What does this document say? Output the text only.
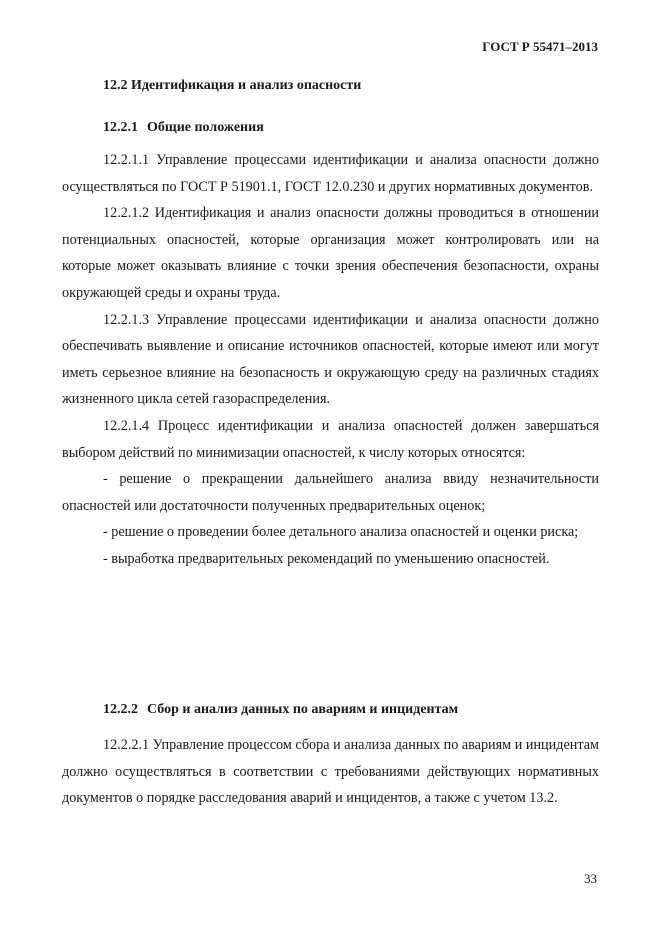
ГОСТ Р 55471–2013
12.2 Идентификация и анализ опасности
12.2.1 Общие положения

12.2.1.1 Управление процессами идентификации и анализа опасности должно осуществляться по ГОСТ Р 51901.1, ГОСТ 12.0.230 и других нормативных документов.

12.2.1.2 Идентификация и анализ опасности должны проводиться в отношении потенциальных опасностей, которые организация может контролировать или на которые может оказывать влияние с точки зрения обеспечения безопасности, охраны окружающей среды и охраны труда.

12.2.1.3 Управление процессами идентификации и анализа опасности должно обеспечивать выявление и описание источников опасностей, которые имеют или могут иметь серьезное влияние на безопасность и окружающую среду на различных стадиях жизненного цикла сетей газораспределения.

12.2.1.4 Процесс идентификации и анализа опасностей должен завершаться выбором действий по минимизации опасностей, к числу которых относятся:

- решение о прекращении дальнейшего анализа ввиду незначительности опасностей или достаточности полученных предварительных оценок;

- решение о проведении более детального анализа опасностей и оценки риска;

- выработка предварительных рекомендаций по уменьшению опасностей.

12.2.2 Сбор и анализ данных по авариям и инцидентам

12.2.2.1 Управление процессом сбора и анализа данных по авариям и инцидентам должно осуществляться в соответствии с требованиями действующих нормативных документов о порядке расследования аварий и инцидентов, а также с учетом 13.2.

33
